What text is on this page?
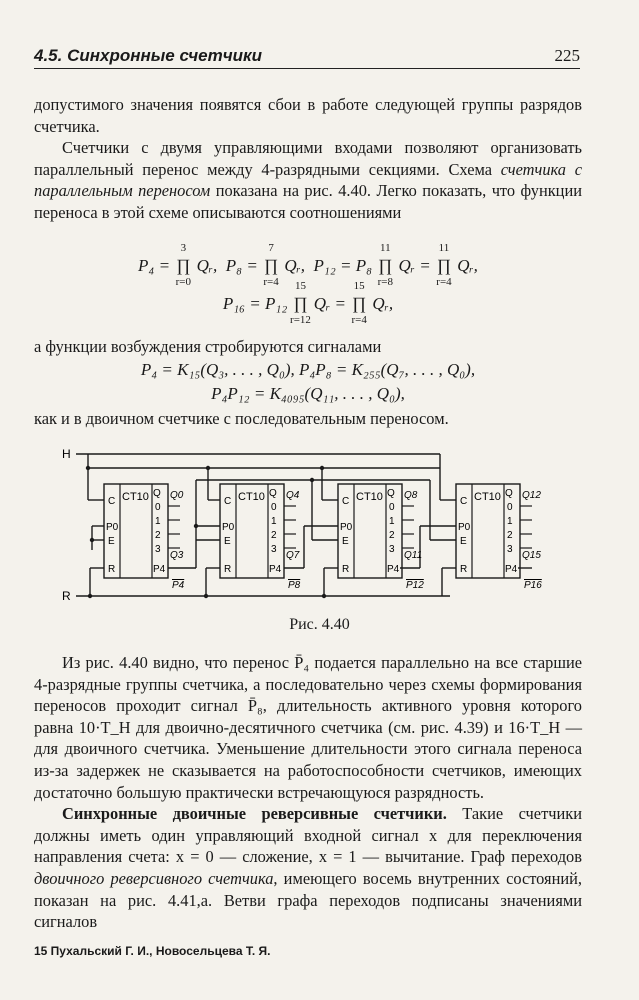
4.5. Синхронные счетчики	225

допустимого значения появятся сбои в работе следующей группы разрядов счетчика.

Счетчики с двумя управляющими входами позволяют организовать параллельный перенос между 4-разрядными секциями. Схема счетчика с параллельным переносом показана на рис. 4.40. Легко показать, что функции переноса в этой схеме описываются соотношениями

P₄ = ∏
3
r=0
Qᵣ, P₈ = ∏
7
r=4
Qᵣ, P₁₂ = P₈ ∏
11
r=8
Qᵣ = ∏
11
r=4
Qᵣ,
P₁₆ = P₁₂ ∏
15
r=12
Qᵣ = ∏
15
r=4
Qᵣ,
а функции возбуждения стробируются сигналами
P₄ = K₁₅(Q₃, . . . , Q₀), P₄P₈ = K₂₅₅(Q₇, . . . , Q₀),
P₄P₁₂ = K₄₀₉₅(Q₁₁, . . . , Q₀),
как и в двоичном счетчике с последовательным переносом.
H
R
CT10
C
P0
E
R
Q
0
1
2
3
P4
Q0
Q3
P4
CT10
C
P0
E
R
Q
0
1
2
3
P4
Q4
Q7
P8
CT10
C
P0
E
R
Q
0
1
2
3
P4
Q8
Q11
P12
CT10
C
P0
E
R
Q
0
1
2
3
P4
Q12
Q15
P16
Рис. 4.40

Из рис. 4.40 видно, что перенос P̄₄ подается параллельно на все старшие 4-разрядные группы счетчика, а последовательно через схемы формирования переносов проходит сигнал P̄₈, длительность активного уровня которого равна 10·T_H для двоично-десятичного счетчика (см. рис. 4.39) и 16·T_H — для двоичного счетчика. Уменьшение длительности этого сигнала переноса из-за задержек не сказывается на работоспособности счетчиков, имеющих достаточно большую практически встречающуюся разрядность.

Синхронные двоичные реверсивные счетчики. Такие счетчики должны иметь один управляющий входной сигнал x для переключения направления счета: x = 0 — сложение, x = 1 — вычитание. Граф переходов двоичного реверсивного счетчика, имеющего восемь внутренних состояний, показан на рис. 4.41,a. Ветви графа переходов подписаны значениями сигналов

15 Пухальский Г. И., Новосельцева Т. Я.
